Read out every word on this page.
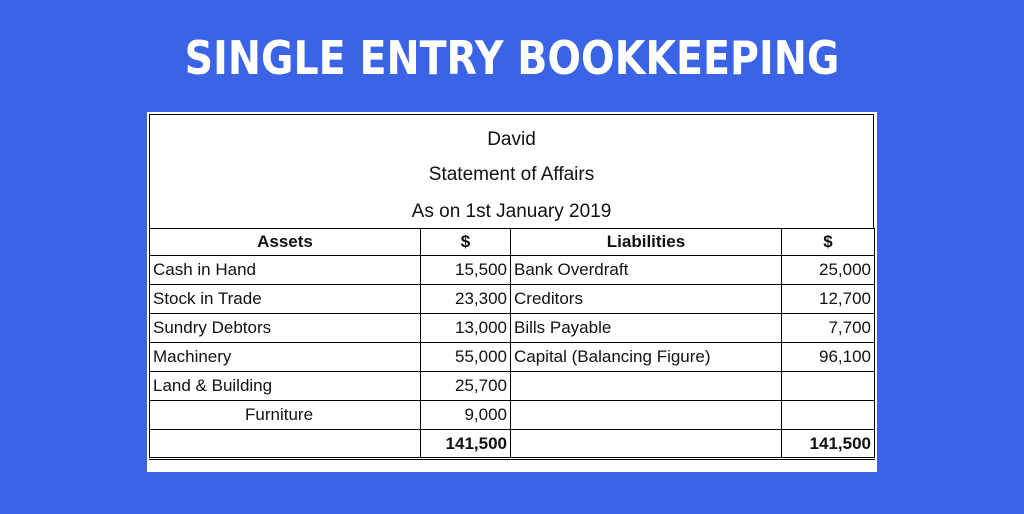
SINGLE ENTRY BOOKKEEPING
David
Statement of Affairs
As on 1st January 2019
Assets	$	Liabilities	$
Cash in Hand	15,500	Bank Overdraft	25,000
Stock in Trade	23,300	Creditors	12,700
Sundry Debtors	13,000	Bills Payable	7,700
Machinery	55,000	Capital (Balancing Figure)	96,100
Land & Building	25,700		
Furniture	9,000		
	141,500		141,500
